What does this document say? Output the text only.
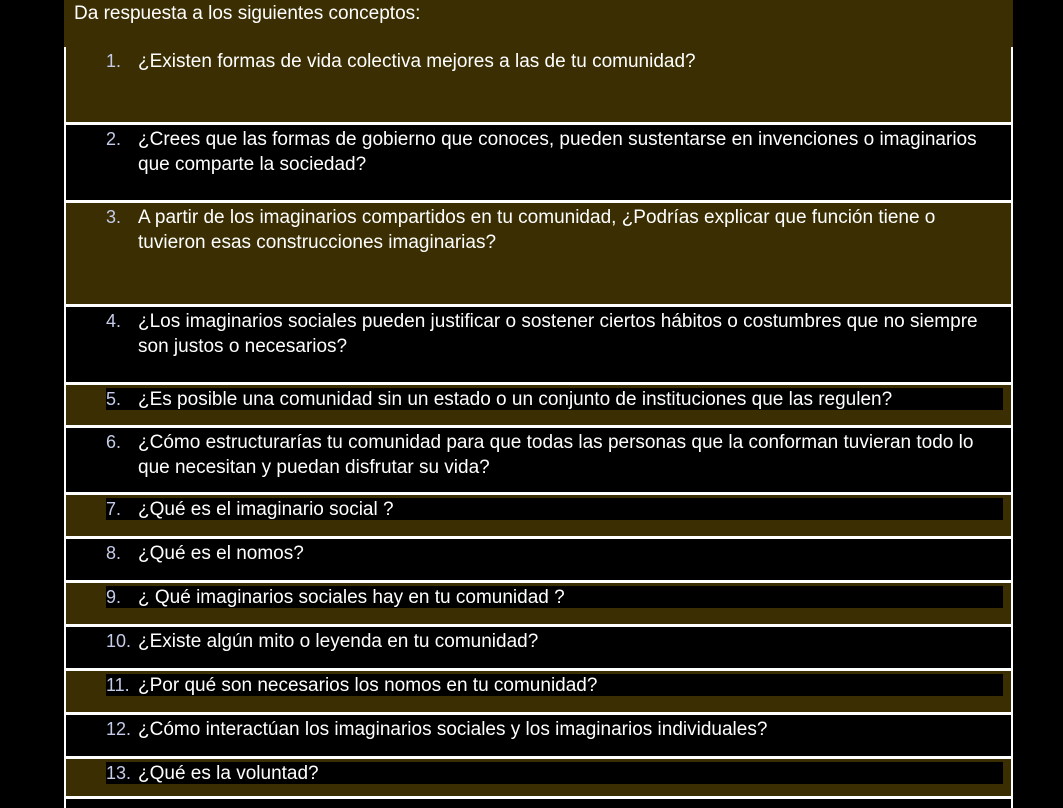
Da respuesta a los siguientes conceptos:
1. ¿Existen formas de vida colectiva mejores a las de tu comunidad?
2. ¿Crees que las formas de gobierno que conoces, pueden sustentarse en invenciones o imaginarios que comparte la sociedad?
3. A partir de los imaginarios compartidos en tu comunidad, ¿Podrías explicar que función tiene o tuvieron esas construcciones imaginarias?
4. ¿Los imaginarios sociales pueden justificar o sostener ciertos hábitos o costumbres que no siempre son justos o necesarios?
5. ¿Es posible una comunidad sin un estado o un conjunto de instituciones que las regulen?
6. ¿Cómo estructurarías tu comunidad para que todas las personas que la conforman tuvieran todo lo que necesitan y puedan disfrutar su vida?
7. ¿Qué es el imaginario social ?
8. ¿Qué es el nomos?
9. ¿ Qué imaginarios sociales hay en tu comunidad ?
10. ¿Existe algún mito o leyenda en tu comunidad?
11. ¿Por qué son necesarios los nomos en tu comunidad?
12. ¿Cómo interactúan los imaginarios sociales y los imaginarios individuales?
13. ¿Qué es la voluntad?
